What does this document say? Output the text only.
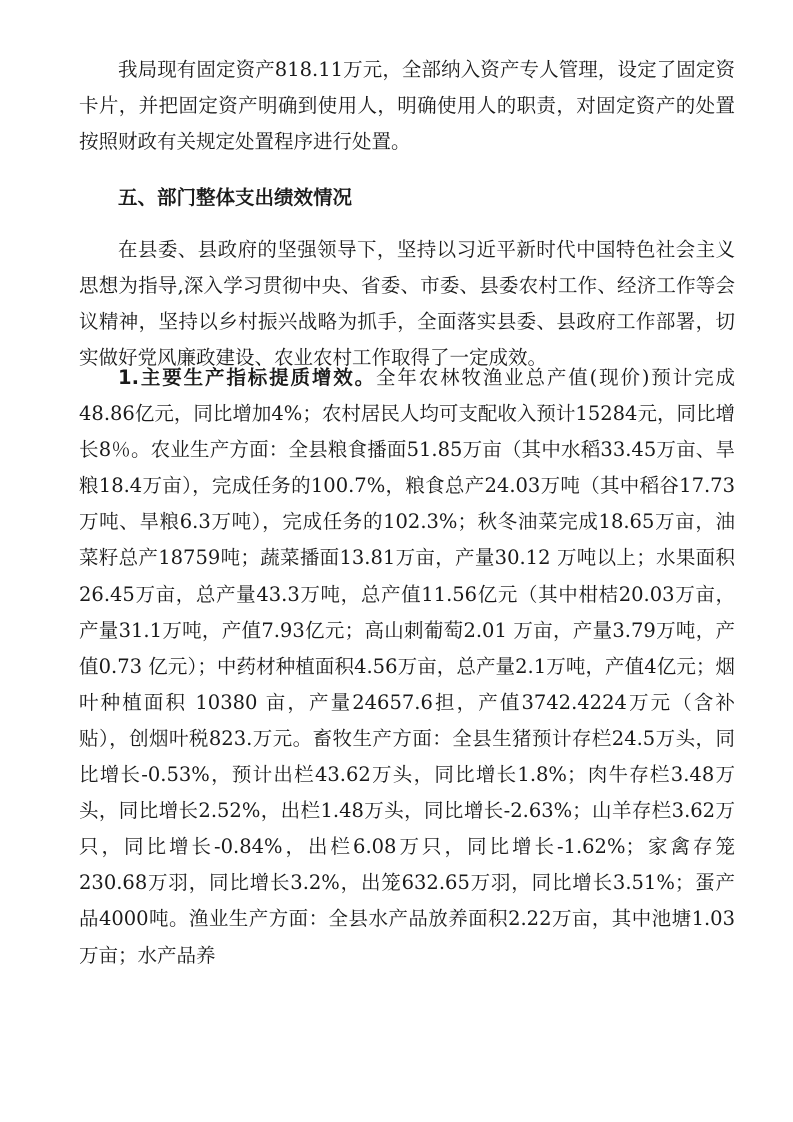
我局现有固定资产818.11万元，全部纳入资产专人管理，设定了固定资卡片，并把固定资产明确到使用人，明确使用人的职责，对固定资产的处置按照财政有关规定处置程序进行处置。

五、部门整体支出绩效情况

在县委、县政府的坚强领导下，坚持以习近平新时代中国特色社会主义思想为指导,深入学习贯彻中央、省委、市委、县委农村工作、经济工作等会议精神，坚持以乡村振兴战略为抓手，全面落实县委、县政府工作部署，切实做好党风廉政建设、农业农村工作取得了一定成效。

1.主要生产指标提质增效。全年农林牧渔业总产值(现价)预计完成48.86亿元，同比增加4%；农村居民人均可支配收入预计15284元，同比增长8％。农业生产方面：全县粮食播面51.85万亩（其中水稻33.45万亩、旱粮18.4万亩），完成任务的100.7%，粮食总产24.03万吨（其中稻谷17.73万吨、旱粮6.3万吨），完成任务的102.3%；秋冬油菜完成18.65万亩，油菜籽总产18759吨；蔬菜播面13.81万亩，产量30.12 万吨以上；水果面积26.45万亩，总产量43.3万吨，总产值11.56亿元（其中柑桔20.03万亩，产量31.1万吨，产值7.93亿元；高山刺葡萄2.01 万亩，产量3.79万吨，产值0.73 亿元）；中药材种植面积4.56万亩，总产量2.1万吨，产值4亿元；烟叶种植面积 10380 亩，产量24657.6担，产值3742.4224万元（含补贴），创烟叶税823.万元。畜牧生产方面：全县生猪预计存栏24.5万头，同比增长-0.53%，预计出栏43.62万头，同比增长1.8%；肉牛存栏3.48万头，同比增长2.52%，出栏1.48万头，同比增长-2.63%；山羊存栏3.62万只，同比增长-0.84%，出栏6.08万只，同比增长-1.62%；家禽存笼230.68万羽，同比增长3.2%，出笼632.65万羽，同比增长3.51%；蛋产品4000吨。渔业生产方面：全县水产品放养面积2.22万亩，其中池塘1.03万亩；水产品养
